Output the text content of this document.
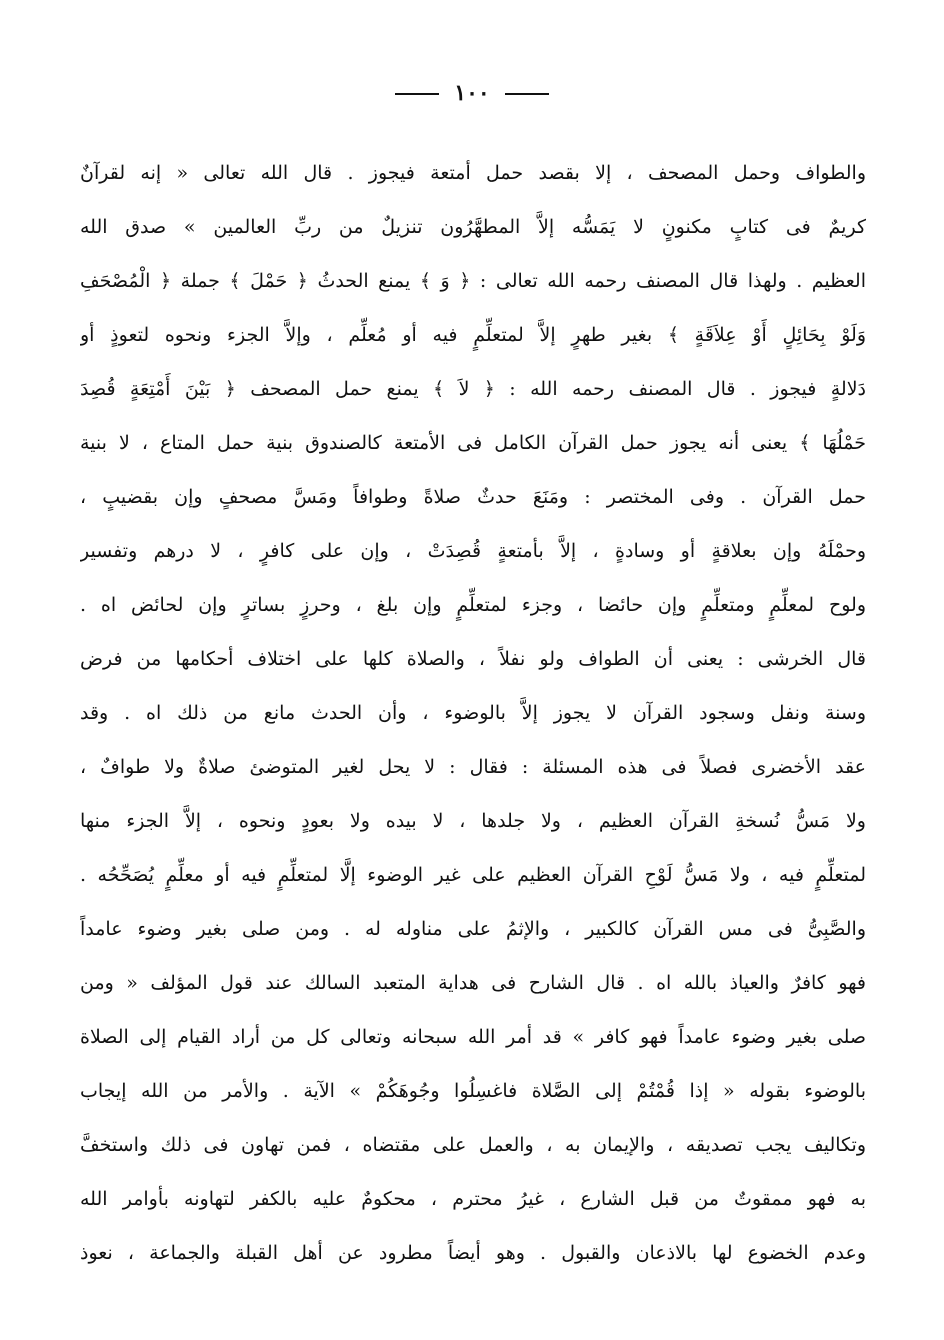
١٠٠
والطواف وحمل المصحف ، إلا بقصد حمل أمتعة فيجوز . قال الله تعالى « إنه لقرآنٌ
كريمٌ فى كتابٍ مكنونٍ لا يَمَسُّه إلاَّ المطهَّرُون تنزيلٌ من ربِّ العالمين » صدق الله
العظيم . ولهذا قال المصنف رحمه الله تعالى : ﴿ وَ ﴾ يمنع الحدثُ ﴿ حَمْلَ ﴾ جملة ﴿ الْمُصْحَفِ
وَلَوْ بِحَائِلٍ أَوْ عِلاَقَةٍ ﴾ بغير طهرٍ إلاَّ لمتعلِّمٍ فيه أو مُعلِّم ، وإلاَّ الجزء ونحوه لتعوذٍ أو
دَلالةٍ فيجوز . قال المصنف رحمه الله : ﴿ لاَ ﴾ يمنع حمل المصحف ﴿ بَيْنَ أَمْتِعَةٍ قُصِدَ
حَمْلُهَا ﴾ يعنى أنه يجوز حمل القرآن الكامل فى الأمتعة كالصندوق بنية حمل المتاع ، لا بنية
حمل القرآن . وفى المختصر : ومَنَعَ حدثٌ صلاةً وطوافاً ومَسَّ مصحفٍ وإن بقضيبٍ ،
وحمْلَهُ وإن بعلاقةٍ أو وسادةٍ ، إلاَّ بأمتعةٍ قُصِدَتْ ، وإن على كافرٍ ، لا درهم وتفسير
ولوح لمعلِّمٍ ومتعلِّمٍ وإن حائضا ، وجزء لمتعلِّمٍ وإن بلغ ، وحرزٍ بساترٍ وإن لحائض اه .
قال الخرشى : يعنى أن الطواف ولو نفلاً ، والصلاة كلها على اختلاف أحكامها من فرض
وسنة ونفل وسجود القرآن لا يجوز إلاَّ بالوضوء ، وأن الحدث مانع من ذلك اه . وقد
عقد الأخضرى فصلاً فى هذه المسئلة : فقال : لا يحل لغير المتوضئ صلاةٌ ولا طوافٌ ،
ولا مَسُّ نُسخةِ القرآن العظيم ، ولا جلدها ، لا بيده ولا بعودٍ ونحوه ، إلاَّ الجزء منها
لمتعلِّمٍ فيه ، ولا مَسُّ لَوْحِ القرآن العظيم على غير الوضوء إلَّا لمتعلِّمٍ فيه أو معلِّمٍ يُصَحِّحُه .
والصَّبِىُّ فى مس القرآن كالكبير ، والإثمُ على مناوله له . ومن صلى بغير وضوء عامداً
فهو كافرٌ والعياذ بالله اه . قال الشارح فى هداية المتعبد السالك عند قول المؤلف « ومن
صلى بغير وضوء عامداً فهو كافر » قد أمر الله سبحانه وتعالى كل من أراد القيام إلى الصلاة
بالوضوء بقوله « إذا قُمْتُمْ إلى الصَّلاة فاغسِلُوا وجُوهَكُمْ » الآية . والأمر من الله إيجاب
وتكاليف يجب تصديقه ، والإيمان به ، والعمل على مقتضاه ، فمن تهاون فى ذلك واستخفَّ
به فهو ممقوتٌ من قبل الشارع ، غيرُ محترم ، محكومٌ عليه بالكفر لتهاونه بأوامر الله
وعدم الخضوع لها بالاذعان والقبول . وهو أيضاً مطرود عن أهل القبلة والجماعة ، نعوذ
